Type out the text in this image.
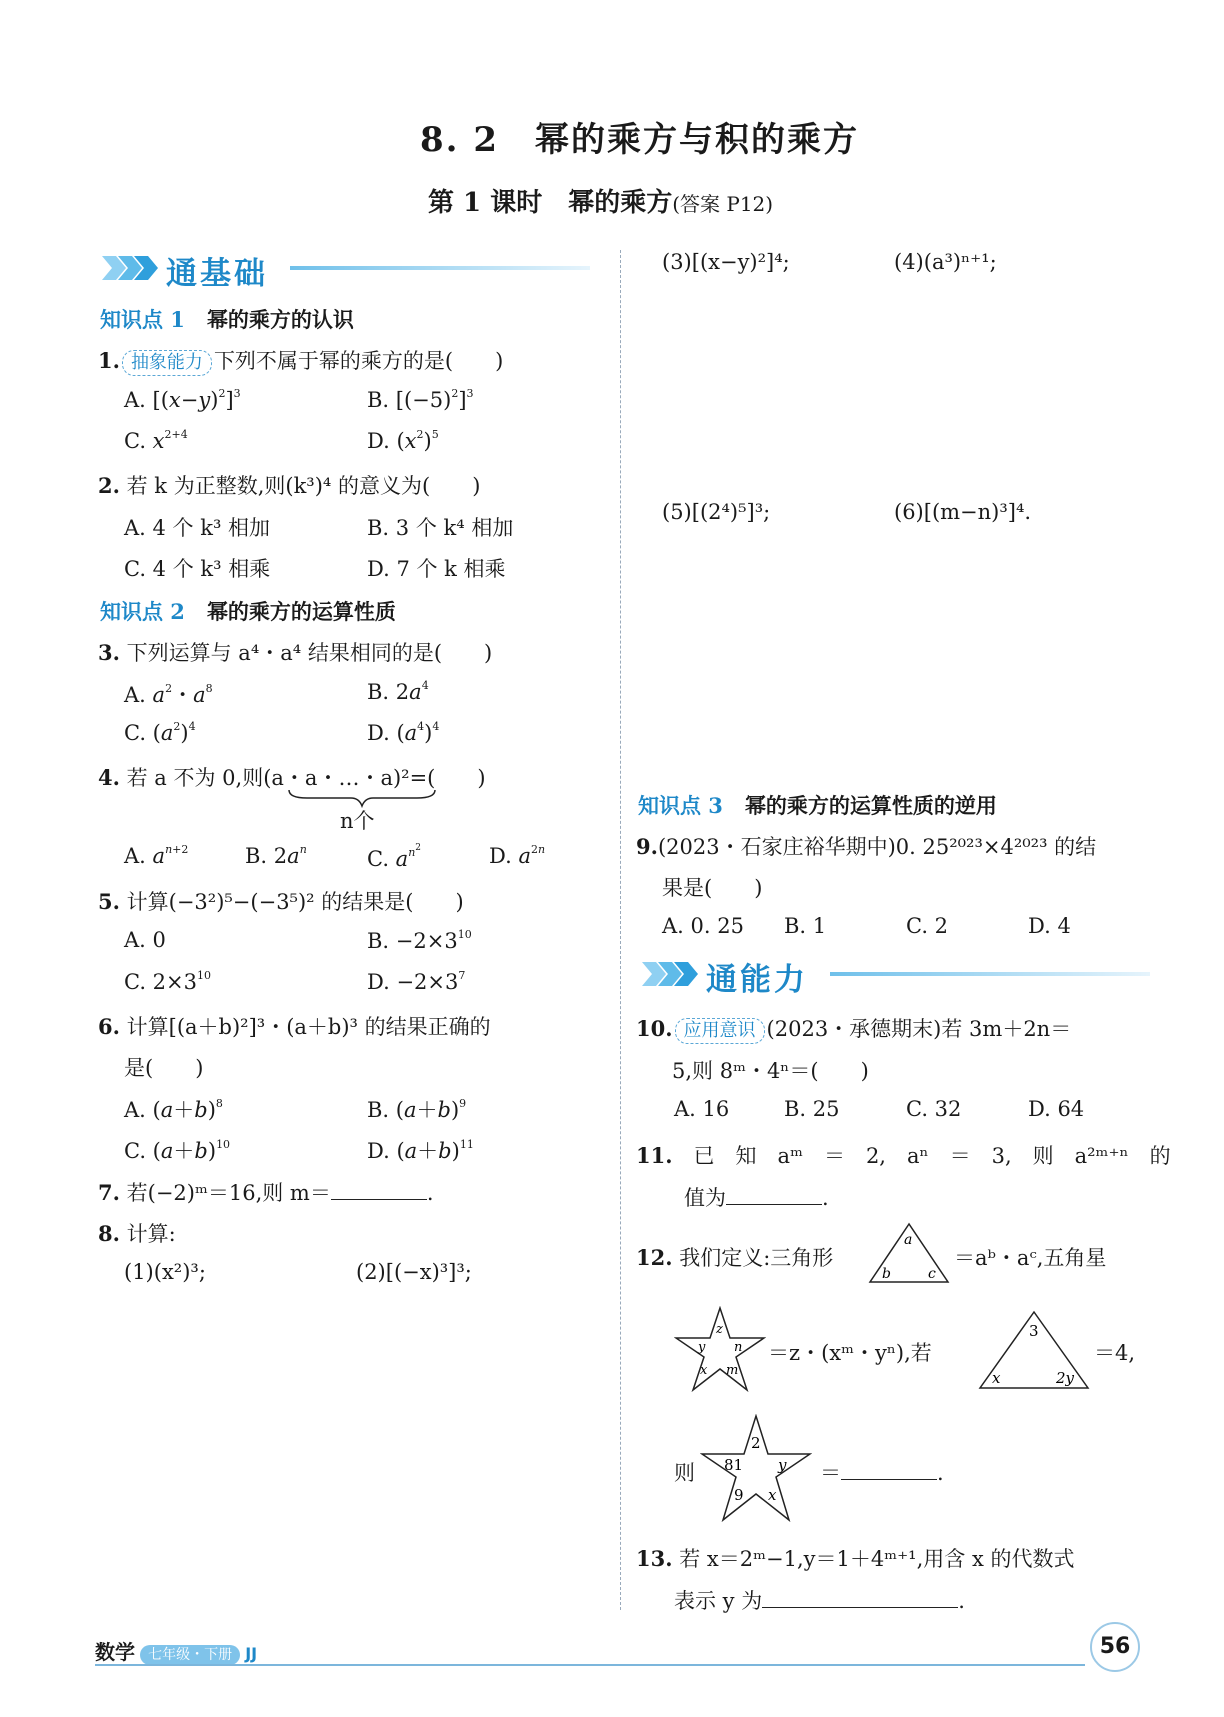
8. 2　幂的乘方与积的乘方
第 1 课时　幂的乘方(答案 P12)
通基础
知识点 1 幂的乘方的认识
1. 抽象能力 下列不属于幂的乘方的是(　　)
A. $[(x-y)^2]^3$	B. $[(-5)^2]^3$
C. $x^{2+4}$	D. $(x^2)^5$
2. 若 k 为正整数,则(k³)⁴ 的意义为(　　)
A. 4 个 k³ 相加	B. 3 个 k⁴ 相加
C. 4 个 k³ 相乘	D. 7 个 k 相乘
知识点 2 幂的乘方的运算性质
3. 下列运算与 a⁴・a⁴ 结果相同的是(　　)
A. $a^2$・$a^8$	B. $2a^4$
C. $(a^2)^4$	D. $(a^4)^4$
4. 若 a 不为 0,则(a・a・…・a)²=(　　)
n个
A. $a^{n+2}$	B. $2a^n$	C. $a^{n^2}$	D. $a^{2n}$
5. 计算(−3²)⁵−(−3⁵)² 的结果是(　　)
A. 0	B. $-2\times 3^{10}$
C. $2\times 3^{10}$	D. $-2\times 3^7$
6. 计算[(a＋b)²]³・(a＋b)³ 的结果正确的
是(　　)
A. $(a+b)^8$	B. $(a+b)^9$
C. $(a+b)^{10}$	D. $(a+b)^{11}$
7. 若(−2)ᵐ＝16,则 m＝	.
8. 计算:
(1)(x²)³;	(2)[(−x)³]³;
(3)[(x−y)²]⁴;	(4)(a³)ⁿ⁺¹;
(5)[(2⁴)⁵]³;	(6)[(m−n)³]⁴.
知识点 3 幂的乘方的运算性质的逆用
9.(2023・石家庄裕华期中)0. 25²⁰²³×4²⁰²³ 的结
果是(　　)
A. 0. 25 B. 1	C. 2	D. 4
通能力
10. 应用意识 (2023・承德期末)若 3m＋2n＝
5,则 8ᵐ・4ⁿ＝(　　)
A. 16	B. 25	C. 32	D. 64
11.　 已　知　aᵐ　＝　2,　aⁿ　＝　3,　则　a²ᵐ⁺ⁿ　的
值为	.
12. 我们定义:三角形
a
b	c
＝aᵇ・aᶜ,五角星
z
y n
x m
＝z・(xᵐ・yⁿ),若
3
x	2y
＝4,
则
2
81 y
9 x
＝	.
13. 若 x＝2ᵐ−1,y＝1＋4ᵐ⁺¹,用含 x 的代数式
表示 y 为	.
数学 七年级・下册 JJ	56
